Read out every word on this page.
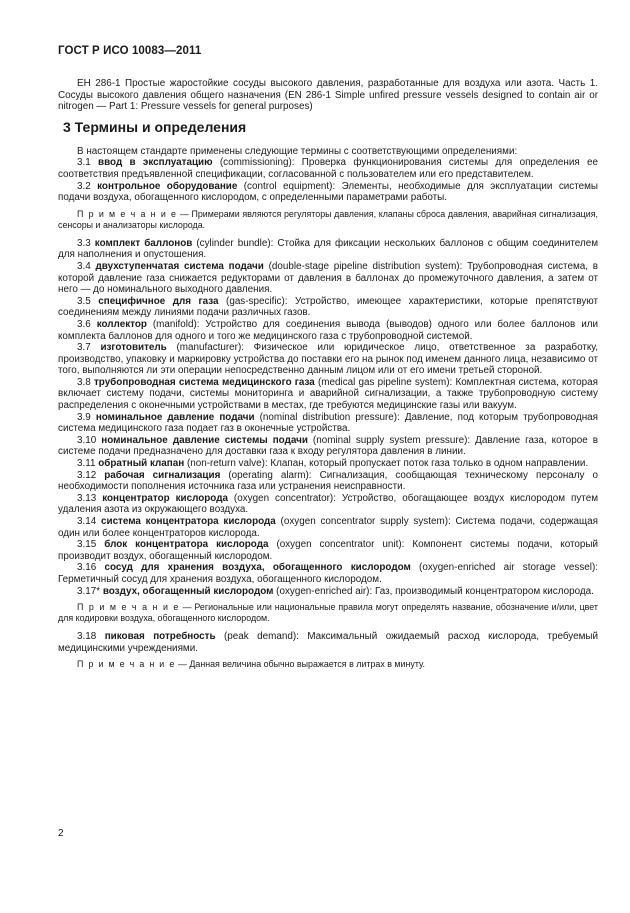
ГОСТ Р ИСО 10083—2011

EH 286-1 Простые жаростойкие сосуды высокого давления, разработанные для воздуха или азота. Часть 1. Сосуды высокого давления общего назначения (EN 286-1 Simple unfired pressure vessels designed to contain air or nitrogen — Part 1: Pressure vessels for general purposes)

3 Термины и определения

В настоящем стандарте применены следующие термины с соответствующими определениями:

3.1 ввод в эксплуатацию (commissioning): Проверка функционирования системы для определения ее соответствия предъявленной спецификации, согласованной с пользователем или его представителем.

3.2 контрольное оборудование (control equipment): Элементы, необходимые для эксплуатации системы подачи воздуха, обогащенного кислородом, с определенными параметрами работы.

П р и м е ч а н и е — Примерами являются регуляторы давления, клапаны сброса давления, аварийная сигнализация, сенсоры и анализаторы кислорода.

3.3 комплект баллонов (cylinder bundle): Стойка для фиксации нескольких баллонов с общим соединителем для наполнения и опустошения.

3.4 двухступенчатая система подачи (double-stage pipeline distribution system): Трубопроводная система, в которой давление газа снижается редукторами от давления в баллонах до промежуточного давления, а затем от него — до номинального выходного давления.

3.5 специфичное для газа (gas-specific): Устройство, имеющее характеристики, которые препятствуют соединениям между линиями подачи различных газов.

3.6 коллектор (manifold): Устройство для соединения вывода (выводов) одного или более баллонов или комплекта баллонов для одного и того же медицинского газа с трубопроводной системой.

3.7 изготовитель (manufacturer): Физическое или юридическое лицо, ответственное за разработку, производство, упаковку и маркировку устройства до поставки его на рынок под именем данного лица, независимо от того, выполняются ли эти операции непосредственно данным лицом или от его имени третьей стороной.

3.8 трубопроводная система медицинского газа (medical gas pipeline system): Комплектная система, которая включает систему подачи, системы мониторинга и аварийной сигнализации, а также трубопроводную систему распределения с оконечными устройствами в местах, где требуются медицинские газы или вакуум.

3.9 номинальное давление подачи (nominal distribution pressure): Давление, под которым трубопроводная система медицинского газа подает газ в оконечные устройства.

3.10 номинальное давление системы подачи (nominal supply system pressure): Давление газа, которое в системе подачи предназначено для доставки газа к входу регулятора давления в линии.

3.11 обратный клапан (non-return valve): Клапан, который пропускает поток газа только в одном направлении.

3.12 рабочая сигнализация (operating alarm): Сигнализация, сообщающая техническому персоналу о необходимости пополнения источника газа или устранения неисправности.

3.13 концентратор кислорода (oxygen concentrator): Устройство, обогащающее воздух кислородом путем удаления азота из окружающего воздуха.

3.14 система концентратора кислорода (oxygen concentrator supply system): Система подачи, содержащая один или более концентраторов кислорода.

3.15 блок концентратора кислорода (oxygen concentrator unit): Компонент системы подачи, который производит воздух, обогащенный кислородом.

3.16 сосуд для хранения воздуха, обогащенного кислородом (oxygen-enriched air storage vessel): Герметичный сосуд для хранения воздуха, обогащенного кислородом.

3.17* воздух, обогащенный кислородом (oxygen-enriched air): Газ, производимый концентратором кислорода.

П р и м е ч а н и е — Региональные или национальные правила могут определять название, обозначение и/или, цвет для кодировки воздуха, обогащенного кислородом.

3.18 пиковая потребность (peak demand): Максимальный ожидаемый расход кислорода, требуемый медицинскими учреждениями.

П р и м е ч а н и е — Данная величина обычно выражается в литрах в минуту.

2
